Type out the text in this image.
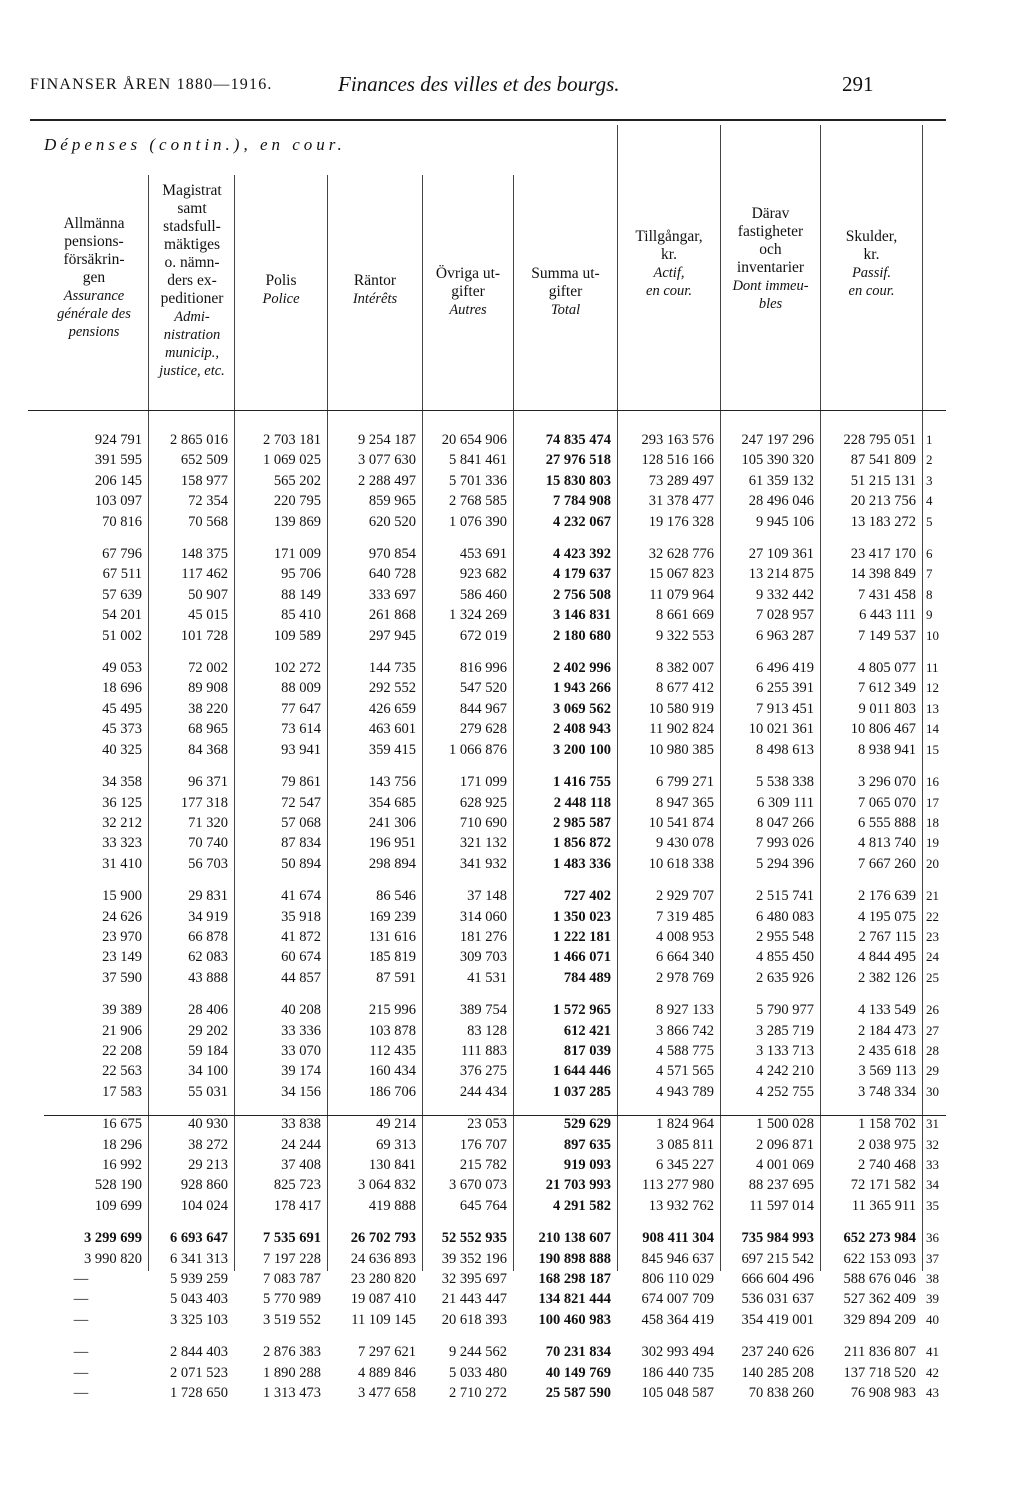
FINANSER ÅREN 1880—1916.	Finances des villes et des bourgs.	291
Dépenses (contin.), en cour.
Allmänna
pensions-
försäkrin-
gen
Assurance
générale des
pensions
Magistrat
samt
stadsfull-
mäktiges
o. nämn-
ders ex-
peditioner
Admi-
nistration
municip.,
justice, etc.
Polis
Police
Räntor
Intérêts
Övriga ut-
gifter
Autres
Summa ut-
gifter
Total
Tillgångar,
kr.
Actif,
en cour.
Därav
fastigheter
och
inventarier
Dont immeu-
bles
Skulder,
kr.
Passif.
en cour.
924 791	2 865 016	2 703 181	9 254 187	20 654 906	74 835 474	293 163 576	247 197 296	228 795 051	1
391 595	652 509	1 069 025	3 077 630	5 841 461	27 976 518	128 516 166	105 390 320	87 541 809	2
206 145	158 977	565 202	2 288 497	5 701 336	15 830 803	73 289 497	61 359 132	51 215 131	3
103 097	72 354	220 795	859 965	2 768 585	7 784 908	31 378 477	28 496 046	20 213 756	4
70 816	70 568	139 869	620 520	1 076 390	4 232 067	19 176 328	9 945 106	13 183 272	5
67 796	148 375	171 009	970 854	453 691	4 423 392	32 628 776	27 109 361	23 417 170	6
67 511	117 462	95 706	640 728	923 682	4 179 637	15 067 823	13 214 875	14 398 849	7
57 639	50 907	88 149	333 697	586 460	2 756 508	11 079 964	9 332 442	7 431 458	8
54 201	45 015	85 410	261 868	1 324 269	3 146 831	8 661 669	7 028 957	6 443 111	9
51 002	101 728	109 589	297 945	672 019	2 180 680	9 322 553	6 963 287	7 149 537	10
49 053	72 002	102 272	144 735	816 996	2 402 996	8 382 007	6 496 419	4 805 077	11
18 696	89 908	88 009	292 552	547 520	1 943 266	8 677 412	6 255 391	7 612 349	12
45 495	38 220	77 647	426 659	844 967	3 069 562	10 580 919	7 913 451	9 011 803	13
45 373	68 965	73 614	463 601	279 628	2 408 943	11 902 824	10 021 361	10 806 467	14
40 325	84 368	93 941	359 415	1 066 876	3 200 100	10 980 385	8 498 613	8 938 941	15
34 358	96 371	79 861	143 756	171 099	1 416 755	6 799 271	5 538 338	3 296 070	16
36 125	177 318	72 547	354 685	628 925	2 448 118	8 947 365	6 309 111	7 065 070	17
32 212	71 320	57 068	241 306	710 690	2 985 587	10 541 874	8 047 266	6 555 888	18
33 323	70 740	87 834	196 951	321 132	1 856 872	9 430 078	7 993 026	4 813 740	19
31 410	56 703	50 894	298 894	341 932	1 483 336	10 618 338	5 294 396	7 667 260	20
15 900	29 831	41 674	86 546	37 148	727 402	2 929 707	2 515 741	2 176 639	21
24 626	34 919	35 918	169 239	314 060	1 350 023	7 319 485	6 480 083	4 195 075	22
23 970	66 878	41 872	131 616	181 276	1 222 181	4 008 953	2 955 548	2 767 115	23
23 149	62 083	60 674	185 819	309 703	1 466 071	6 664 340	4 855 450	4 844 495	24
37 590	43 888	44 857	87 591	41 531	784 489	2 978 769	2 635 926	2 382 126	25
39 389	28 406	40 208	215 996	389 754	1 572 965	8 927 133	5 790 977	4 133 549	26
21 906	29 202	33 336	103 878	83 128	612 421	3 866 742	3 285 719	2 184 473	27
22 208	59 184	33 070	112 435	111 883	817 039	4 588 775	3 133 713	2 435 618	28
22 563	34 100	39 174	160 434	376 275	1 644 446	4 571 565	4 242 210	3 569 113	29
17 583	55 031	34 156	186 706	244 434	1 037 285	4 943 789	4 252 755	3 748 334	30
16 675	40 930	33 838	49 214	23 053	529 629	1 824 964	1 500 028	1 158 702	31
18 296	38 272	24 244	69 313	176 707	897 635	3 085 811	2 096 871	2 038 975	32
16 992	29 213	37 408	130 841	215 782	919 093	6 345 227	4 001 069	2 740 468	33
528 190	928 860	825 723	3 064 832	3 670 073	21 703 993	113 277 980	88 237 695	72 171 582	34
109 699	104 024	178 417	419 888	645 764	4 291 582	13 932 762	11 597 014	11 365 911	35
3 299 699	6 693 647	7 535 691	26 702 793	52 552 935	210 138 607	908 411 304	735 984 993	652 273 984	36
3 990 820	6 341 313	7 197 228	24 636 893	39 352 196	190 898 888	845 946 637	697 215 542	622 153 093	37
—	5 939 259	7 083 787	23 280 820	32 395 697	168 298 187	806 110 029	666 604 496	588 676 046	38
—	5 043 403	5 770 989	19 087 410	21 443 447	134 821 444	674 007 709	536 031 637	527 362 409	39
—	3 325 103	3 519 552	11 109 145	20 618 393	100 460 983	458 364 419	354 419 001	329 894 209	40
—	2 844 403	2 876 383	7 297 621	9 244 562	70 231 834	302 993 494	237 240 626	211 836 807	41
—	2 071 523	1 890 288	4 889 846	5 033 480	40 149 769	186 440 735	140 285 208	137 718 520	42
—	1 728 650	1 313 473	3 477 658	2 710 272	25 587 590	105 048 587	70 838 260	76 908 983	43
